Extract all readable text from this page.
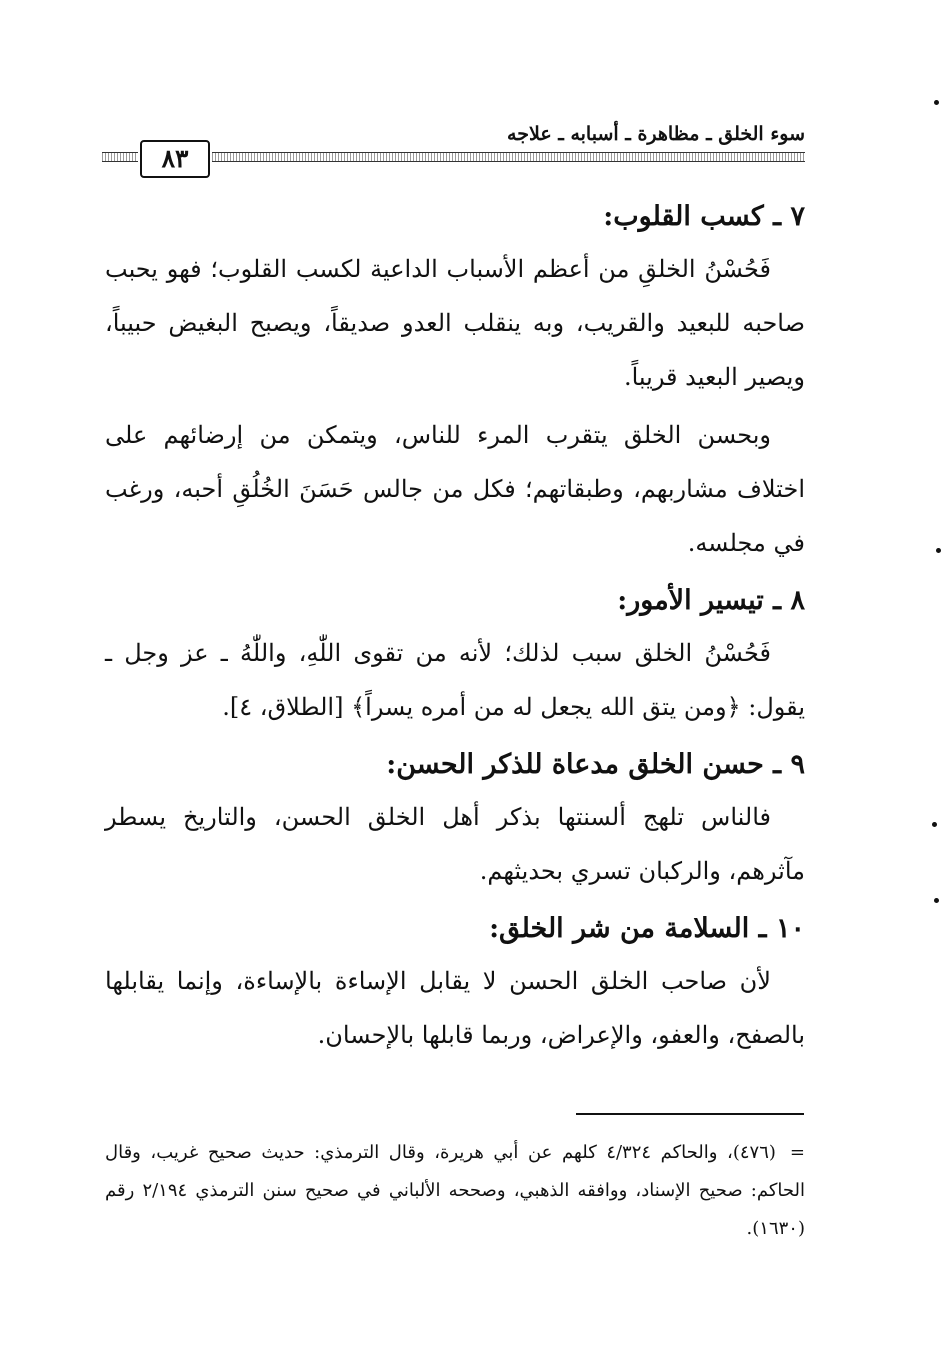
سوء الخلق ـ مظاهرة ـ أسبابه ـ علاجه
٨٣
٧ ـ كسب القلوب:

فَحُسْنُ الخلقِ من أعظم الأسباب الداعية لكسب القلوب؛ فهو يحبب صاحبه للبعيد والقريب، وبه ينقلب العدو صديقاً، ويصبح البغيض حبيباً، ويصير البعيد قريباً.

وبحسن الخلق يتقرب المرء للناس، ويتمكن من إرضائهم على اختلاف مشاربهم، وطبقاتهم؛ فكل من جالس حَسَنَ الخُلُقِ أحبه، ورغب في مجلسه.

٨ ـ تيسير الأمور:

فَحُسْنُ الخلق سبب لذلك؛ لأنه من تقوى اللّٰهِ، واللّٰهُ ـ عز وجل ـ يقول: ﴿ومن يتق الله يجعل له من أمره يسراً﴾ [الطلاق، ٤].

٩ ـ حسن الخلق مدعاة للذكر الحسن:

فالناس تلهج ألسنتها بذكر أهل الخلق الحسن، والتاريخ يسطر مآثرهم، والركبان تسري بحديثهم.

١٠ ـ السلامة من شر الخلق:

لأن صاحب الخلق الحسن لا يقابل الإساءة بالإساءة، وإنما يقابلها بالصفح، والعفو، والإعراض، وربما قابلها بالإحسان.

=(٤٧٦)، والحاكم ٤/٣٢٤ كلهم عن أبي هريرة، وقال الترمذي: حديث صحيح غريب، وقال الحاكم: صحيح الإسناد، ووافقه الذهبي، وصححه الألباني في صحيح سنن الترمذي ٢/١٩٤ رقم (١٦٣٠).
